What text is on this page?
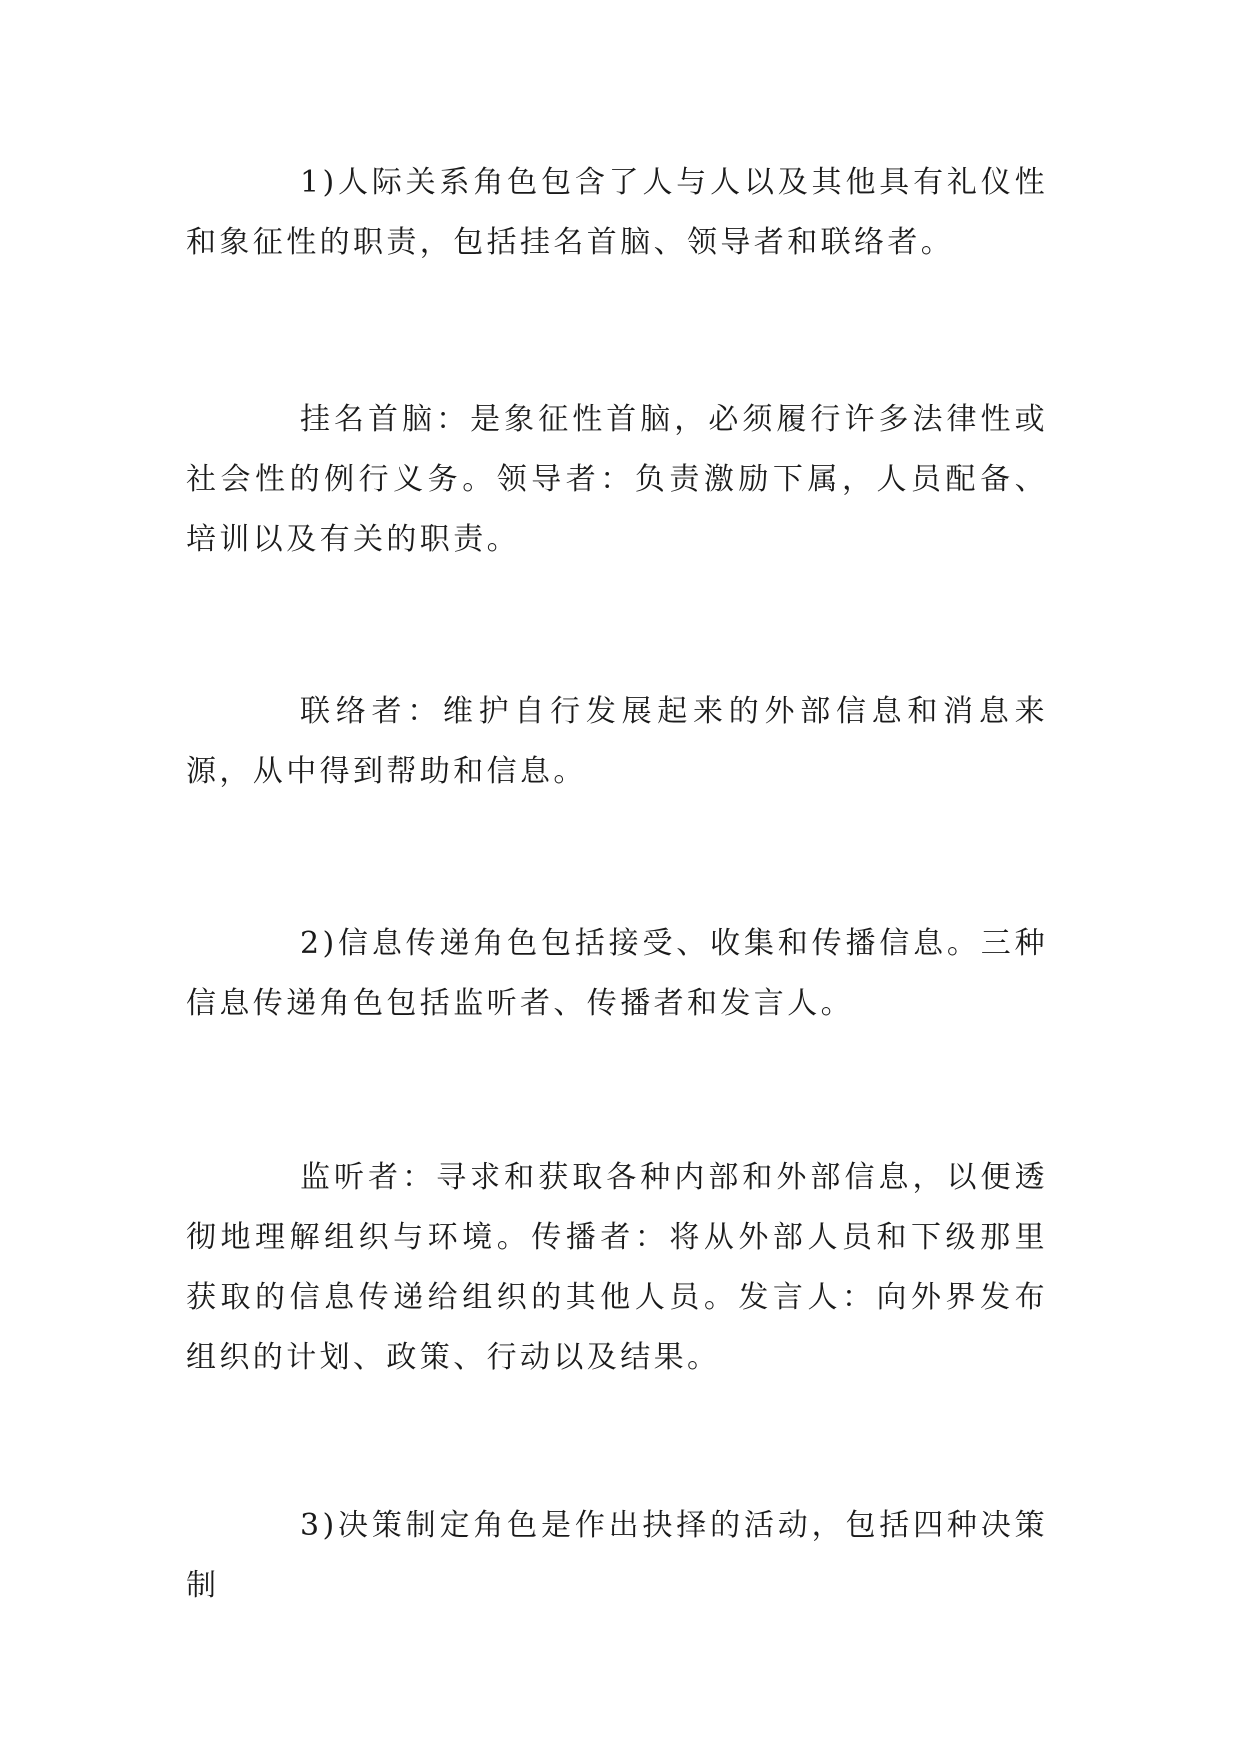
1)人际关系角色包含了人与人以及其他具有礼仪性和象征性的职责，包括挂名首脑、领导者和联络者。

挂名首脑：是象征性首脑，必须履行许多法律性或社会性的例行义务。领导者：负责激励下属，人员配备、培训以及有关的职责。

联络者：维护自行发展起来的外部信息和消息来源，从中得到帮助和信息。

2)信息传递角色包括接受、收集和传播信息。三种信息传递角色包括监听者、传播者和发言人。

监听者：寻求和获取各种内部和外部信息，以便透彻地理解组织与环境。传播者：将从外部人员和下级那里获取的信息传递给组织的其他人员。发言人：向外界发布组织的计划、政策、行动以及结果。

3)决策制定角色是作出抉择的活动，包括四种决策制
